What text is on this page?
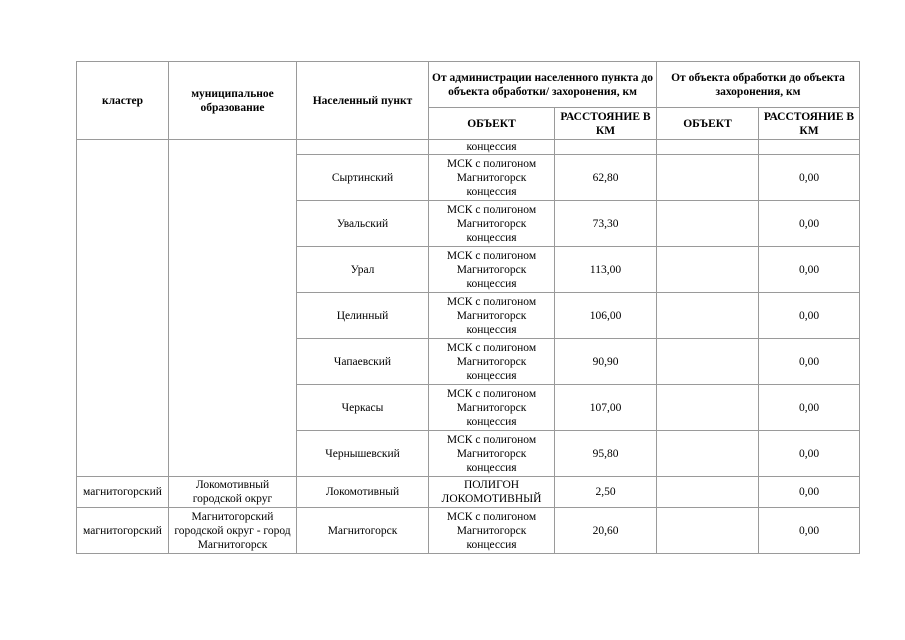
кластер	муниципальное образование	Населенный пункт	От администрации населенного пункта до объекта обработки/ захоронения, км		От объекта обработки до объекта захоронения, км	
			ОБЪЕКТ	РАССТОЯНИЕ В КМ	ОБЪЕКТ	РАССТОЯНИЕ В КМ
			концессия			
		Сыртинский	МСК с полигоном
Магнитогорск
концессия	62,80		0,00
		Увальский	МСК с полигоном
Магнитогорск
концессия	73,30		0,00
		Урал	МСК с полигоном
Магнитогорск
концессия	113,00		0,00
		Целинный	МСК с полигоном
Магнитогорск
концессия	106,00		0,00
		Чапаевский	МСК с полигоном
Магнитогорск
концессия	90,90		0,00
		Черкасы	МСК с полигоном
Магнитогорск
концессия	107,00		0,00
		Чернышевский	МСК с полигоном
Магнитогорск
концессия	95,80		0,00
магнитогорский	Локомотивный городской округ	Локомотивный	ПОЛИГОН
ЛОКОМОТИВНЫЙ	2,50		0,00
магнитогорский	Магнитогорский городской округ - город Магнитогорск	Магнитогорск	МСК с полигоном
Магнитогорск
концессия	20,60		0,00
